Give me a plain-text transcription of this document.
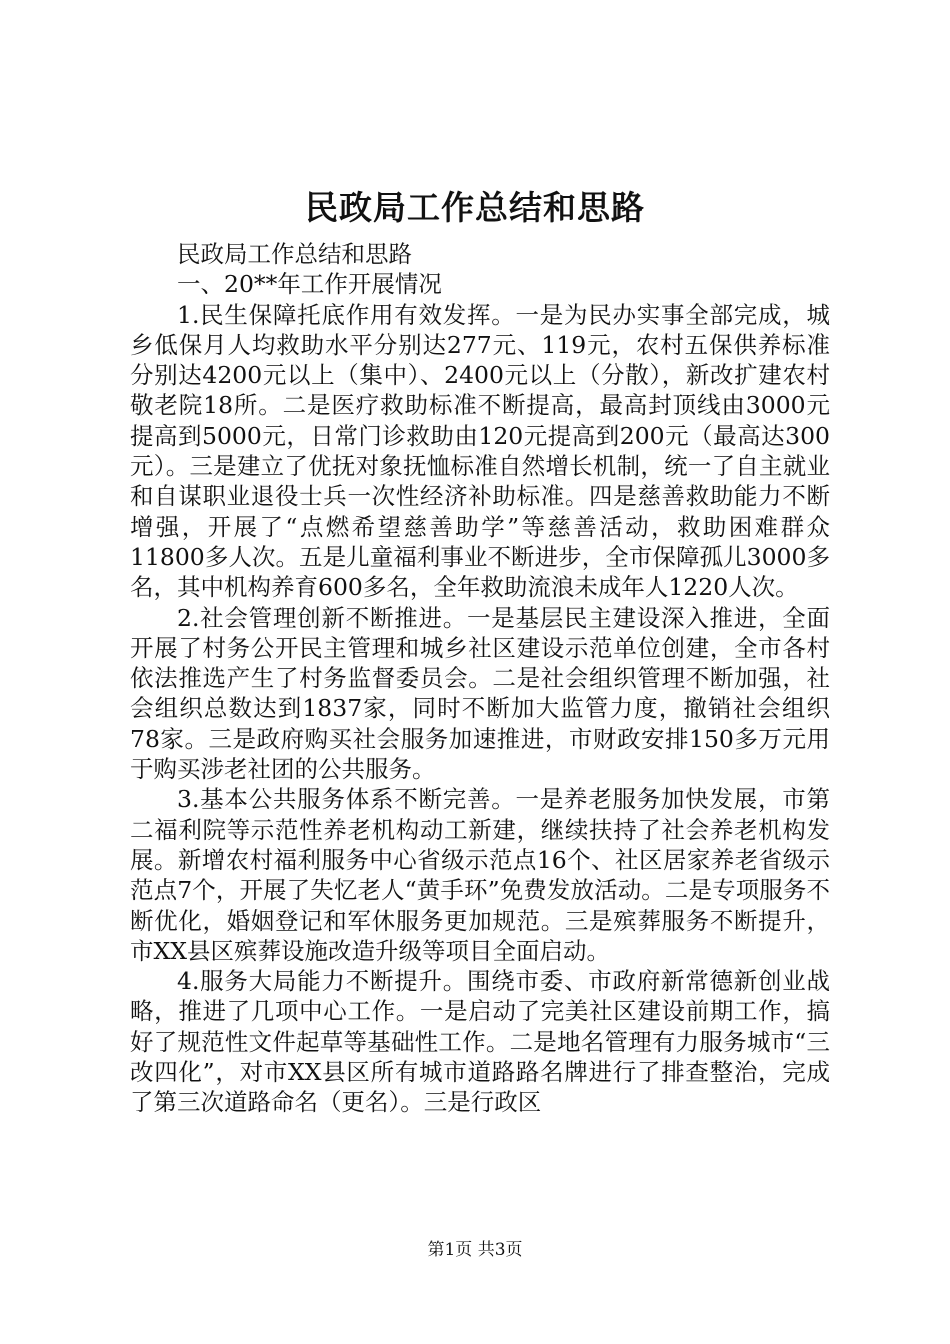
民政局工作总结和思路

民政局工作总结和思路

一、20**年工作开展情况

1.民生保障托底作用有效发挥。一是为民办实事全部完成，城乡低保月人均救助水平分别达277元、119元，农村五保供养标准分别达4200元以上（集中）、2400元以上（分散），新改扩建农村敬老院18所。二是医疗救助标准不断提高，最高封顶线由3000元提高到5000元，日常门诊救助由120元提高到200元（最高达300元）。三是建立了优抚对象抚恤标准自然增长机制，统一了自主就业和自谋职业退役士兵一次性经济补助标准。四是慈善救助能力不断增强，开展了“点燃希望慈善助学”等慈善活动，救助困难群众11800多人次。五是儿童福利事业不断进步，全市保障孤儿3000多名，其中机构养育600多名，全年救助流浪未成年人1220人次。

2.社会管理创新不断推进。一是基层民主建设深入推进，全面开展了村务公开民主管理和城乡社区建设示范单位创建，全市各村依法推选产生了村务监督委员会。二是社会组织管理不断加强，社会组织总数达到1837家，同时不断加大监管力度，撤销社会组织78家。三是政府购买社会服务加速推进，市财政安排150多万元用于购买涉老社团的公共服务。

3.基本公共服务体系不断完善。一是养老服务加快发展，市第二福利院等示范性养老机构动工新建，继续扶持了社会养老机构发展。新增农村福利服务中心省级示范点16个、社区居家养老省级示范点7个，开展了失忆老人“黄手环”免费发放活动。二是专项服务不断优化，婚姻登记和军休服务更加规范。三是殡葬服务不断提升，市XX县区殡葬设施改造升级等项目全面启动。

4.服务大局能力不断提升。围绕市委、市政府新常德新创业战略，推进了几项中心工作。一是启动了完美社区建设前期工作，搞好了规范性文件起草等基础性工作。二是地名管理有力服务城市“三改四化”，对市XX县区所有城市道路路名牌进行了排查整治，完成了第三次道路命名（更名）。三是行政区

第1页 共3页
